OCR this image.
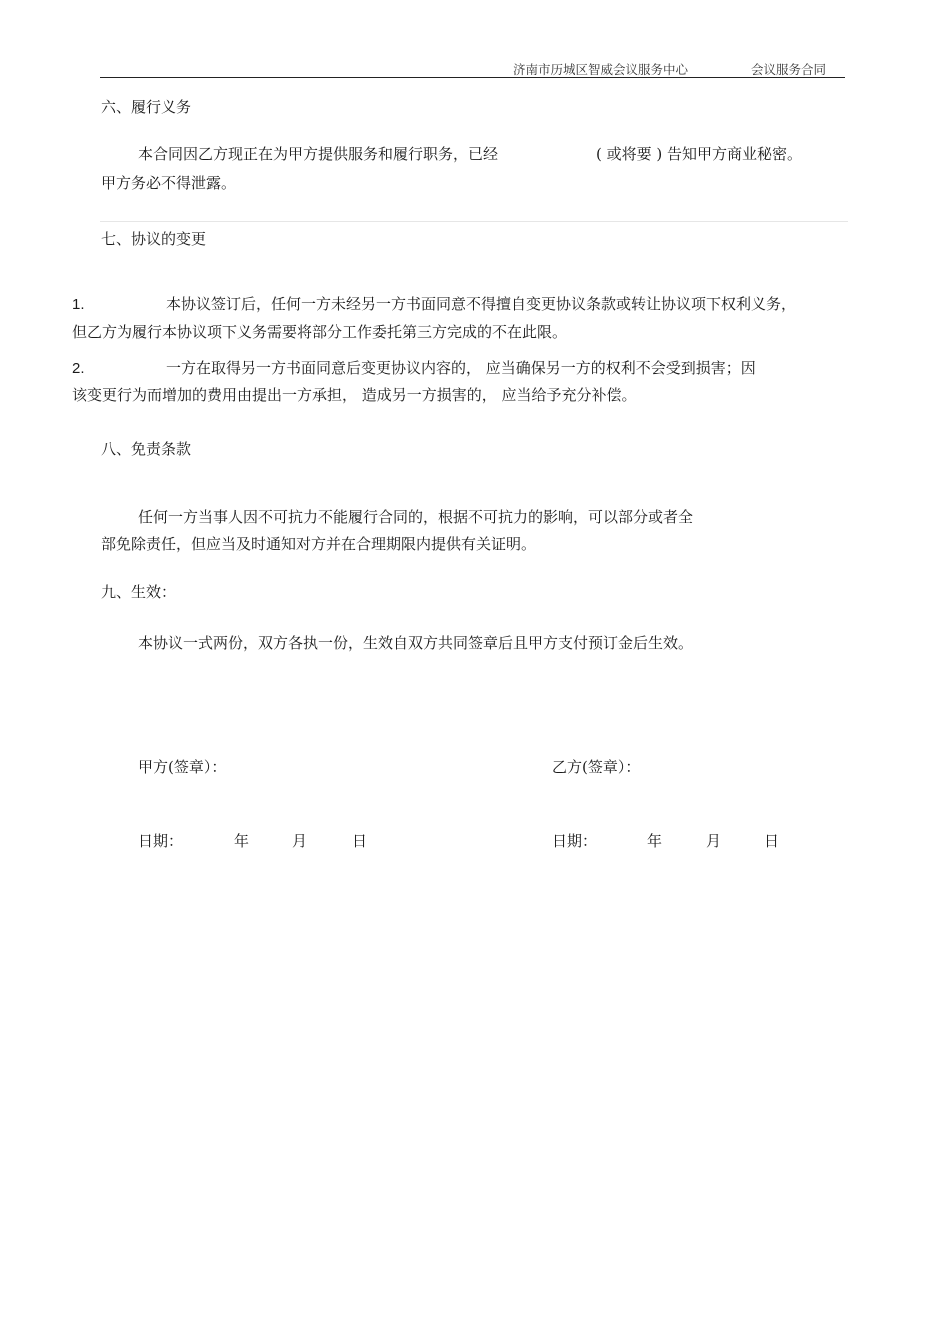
济南市历城区智威会议服务中心	会议服务合同
六、履行义务
本合同因乙方现正在为甲方提供服务和履行职务，已经	( 或将要 ) 告知甲方商业秘密。
甲方务必不得泄露。
七、协议的变更
1.	本协议签订后，任何一方未经另一方书面同意不得擅自变更协议条款或转让协议项下权利义务，
但乙方为履行本协议项下义务需要将部分工作委托第三方完成的不在此限。
2.	一方在取得另一方书面同意后变更协议内容的， 应当确保另一方的权利不会受到损害；因
该变更行为而增加的费用由提出一方承担， 造成另一方损害的， 应当给予充分补偿。
八、免责条款
任何一方当事人因不可抗力不能履行合同的，根据不可抗力的影响，可以部分或者全
部免除责任，但应当及时通知对方并在合理期限内提供有关证明。
九、生效：
本协议一式两份，双方各执一份，生效自双方共同签章后且甲方支付预订金后生效。
甲方(签章）：	乙方(签章）：
日期：	年	月	日	日期：	年	月	日
